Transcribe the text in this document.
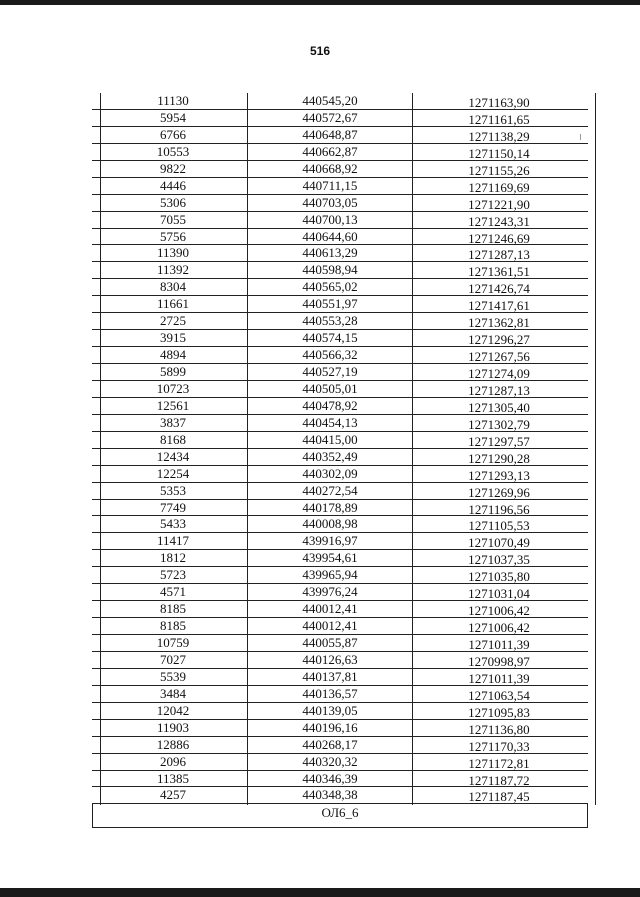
516
11130	440545,20	1271163,90
5954	440572,67	1271161,65
6766	440648,87	1271138,29
10553	440662,87	1271150,14
9822	440668,92	1271155,26
4446	440711,15	1271169,69
5306	440703,05	1271221,90
7055	440700,13	1271243,31
5756	440644,60	1271246,69
11390	440613,29	1271287,13
11392	440598,94	1271361,51
8304	440565,02	1271426,74
11661	440551,97	1271417,61
2725	440553,28	1271362,81
3915	440574,15	1271296,27
4894	440566,32	1271267,56
5899	440527,19	1271274,09
10723	440505,01	1271287,13
12561	440478,92	1271305,40
3837	440454,13	1271302,79
8168	440415,00	1271297,57
12434	440352,49	1271290,28
12254	440302,09	1271293,13
5353	440272,54	1271269,96
7749	440178,89	1271196,56
5433	440008,98	1271105,53
11417	439916,97	1271070,49
1812	439954,61	1271037,35
5723	439965,94	1271035,80
4571	439976,24	1271031,04
8185	440012,41	1271006,42
8185	440012,41	1271006,42
10759	440055,87	1271011,39
7027	440126,63	1270998,97
5539	440137,81	1271011,39
3484	440136,57	1271063,54
12042	440139,05	1271095,83
11903	440196,16	1271136,80
12886	440268,17	1271170,33
2096	440320,32	1271172,81
11385	440346,39	1271187,72
4257	440348,38	1271187,45
ОЛ6_6
